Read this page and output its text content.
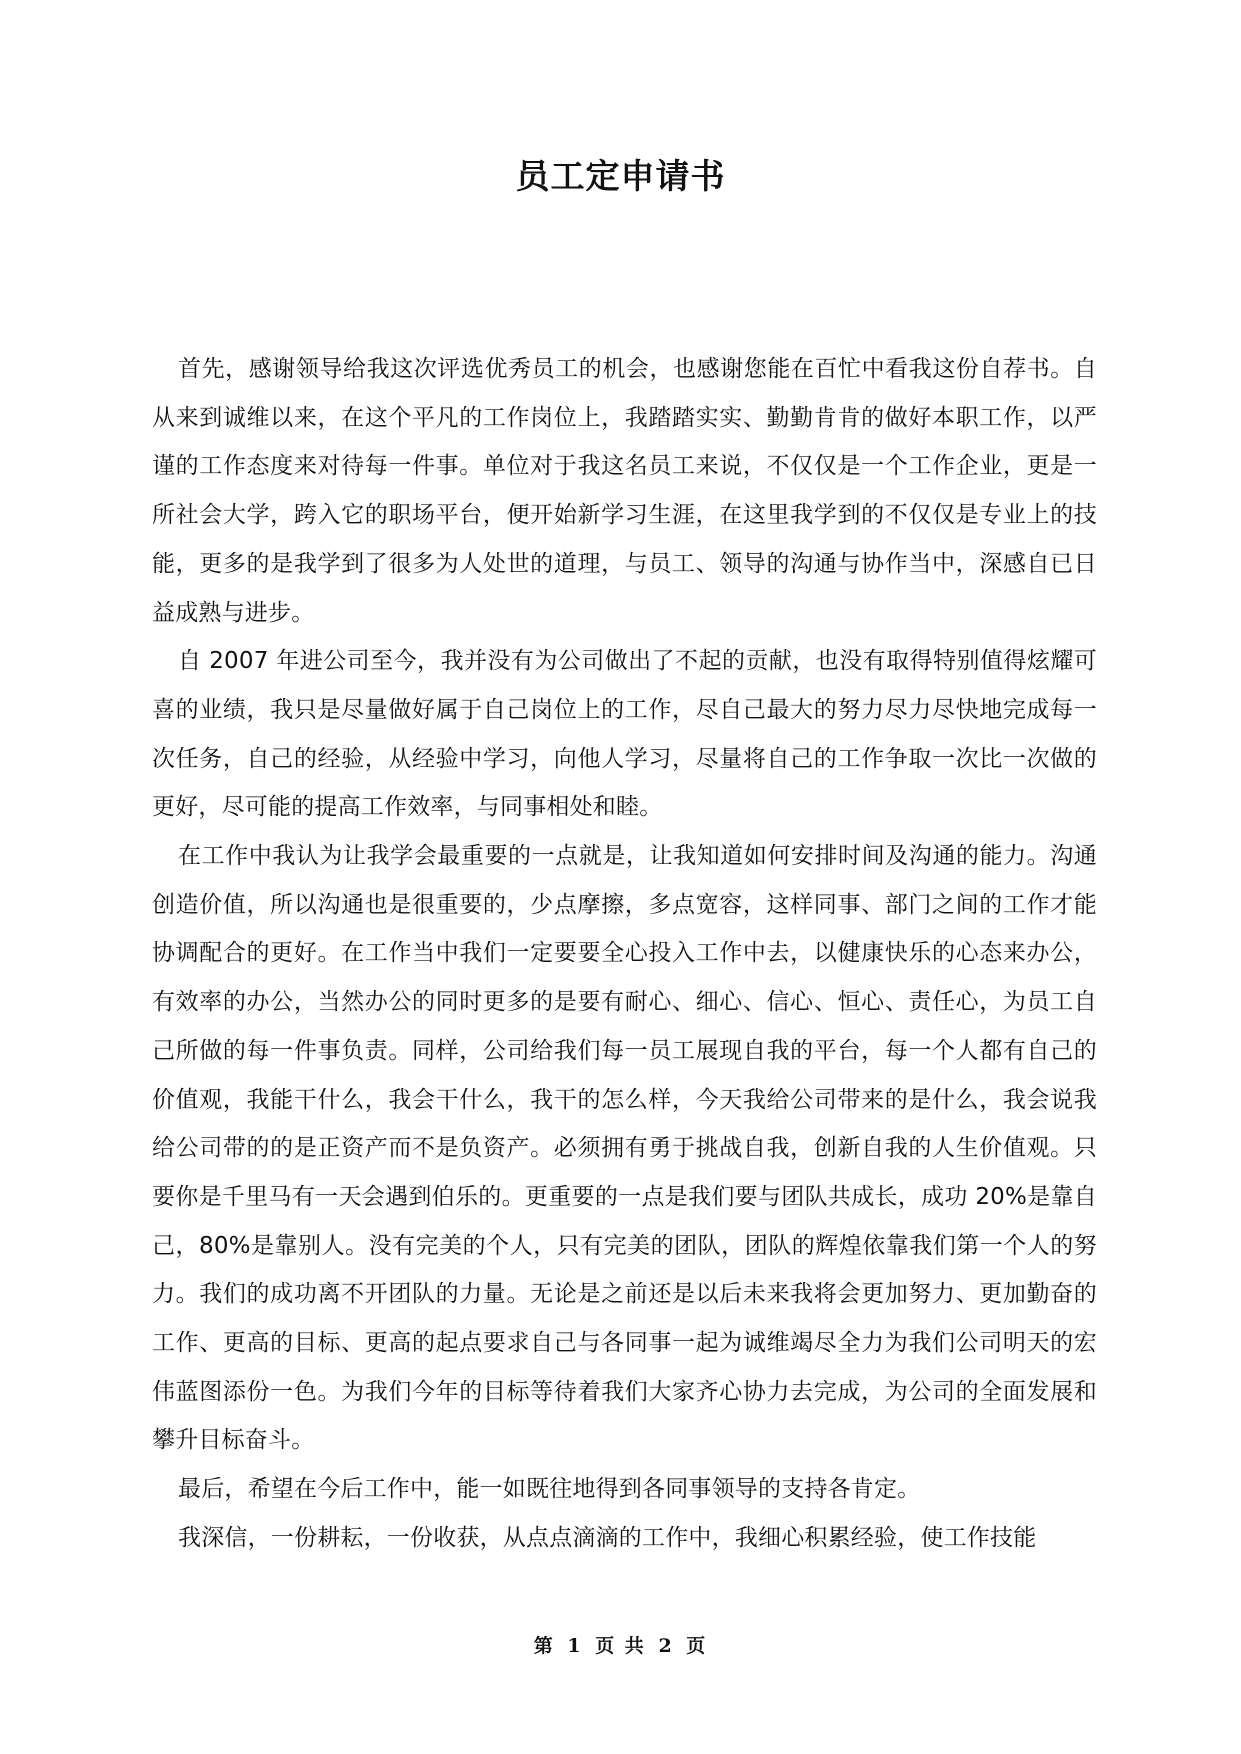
员工定申请书

首先，感谢领导给我这次评选优秀员工的机会，也感谢您能在百忙中看我这份自荐书。自从来到诚维以来，在这个平凡的工作岗位上，我踏踏实实、勤勤肯肯的做好本职工作，以严谨的工作态度来对待每一件事。单位对于我这名员工来说，不仅仅是一个工作企业，更是一所社会大学，跨入它的职场平台，便开始新学习生涯，在这里我学到的不仅仅是专业上的技能，更多的是我学到了很多为人处世的道理，与员工、领导的沟通与协作当中，深感自已日益成熟与进步。

自 2007 年进公司至今，我并没有为公司做出了不起的贡献，也没有取得特别值得炫耀可喜的业绩，我只是尽量做好属于自己岗位上的工作，尽自己最大的努力尽力尽快地完成每一次任务，自己的经验，从经验中学习，向他人学习，尽量将自己的工作争取一次比一次做的更好，尽可能的提高工作效率，与同事相处和睦。

在工作中我认为让我学会最重要的一点就是，让我知道如何安排时间及沟通的能力。沟通创造价值，所以沟通也是很重要的，少点摩擦，多点宽容，这样同事、部门之间的工作才能协调配合的更好。在工作当中我们一定要要全心投入工作中去，以健康快乐的心态来办公，有效率的办公，当然办公的同时更多的是要有耐心、细心、信心、恒心、责任心，为员工自己所做的每一件事负责。同样，公司给我们每一员工展现自我的平台，每一个人都有自己的价值观，我能干什么，我会干什么，我干的怎么样，今天我给公司带来的是什么，我会说我给公司带的的是正资产而不是负资产。必须拥有勇于挑战自我，创新自我的人生价值观。只要你是千里马有一天会遇到伯乐的。更重要的一点是我们要与团队共成长，成功 20%是靠自己，80%是靠别人。没有完美的个人，只有完美的团队，团队的辉煌依靠我们第一个人的努力。我们的成功离不开团队的力量。无论是之前还是以后未来我将会更加努力、更加勤奋的工作、更高的目标、更高的起点要求自己与各同事一起为诚维竭尽全力为我们公司明天的宏伟蓝图添份一色。为我们今年的目标等待着我们大家齐心协力去完成，为公司的全面发展和攀升目标奋斗。

最后，希望在今后工作中，能一如既往地得到各同事领导的支持各肯定。

我深信，一份耕耘，一份收获，从点点滴滴的工作中，我细心积累经验，使工作技能

第 1 页 共 2 页
